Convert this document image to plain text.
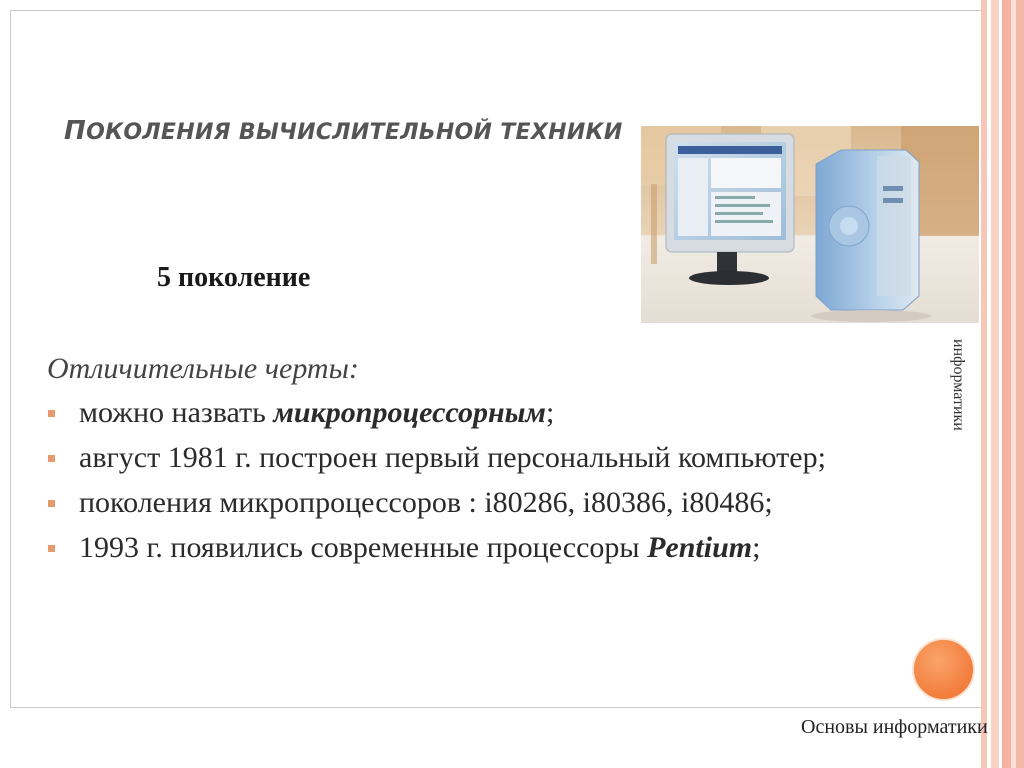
ПОКОЛЕНИЯ ВЫЧИСЛИТЕЛЬНОЙ ТЕХНИКИ
5 поколение
Отличительные черты:
можно назвать микропроцессорным;
август 1981 г. построен первый персональный компьютер;
поколения микропроцессоров : i80286, i80386, i80486;
1993 г. появились современные процессоры Pentium;
информатики
Основы информатики
